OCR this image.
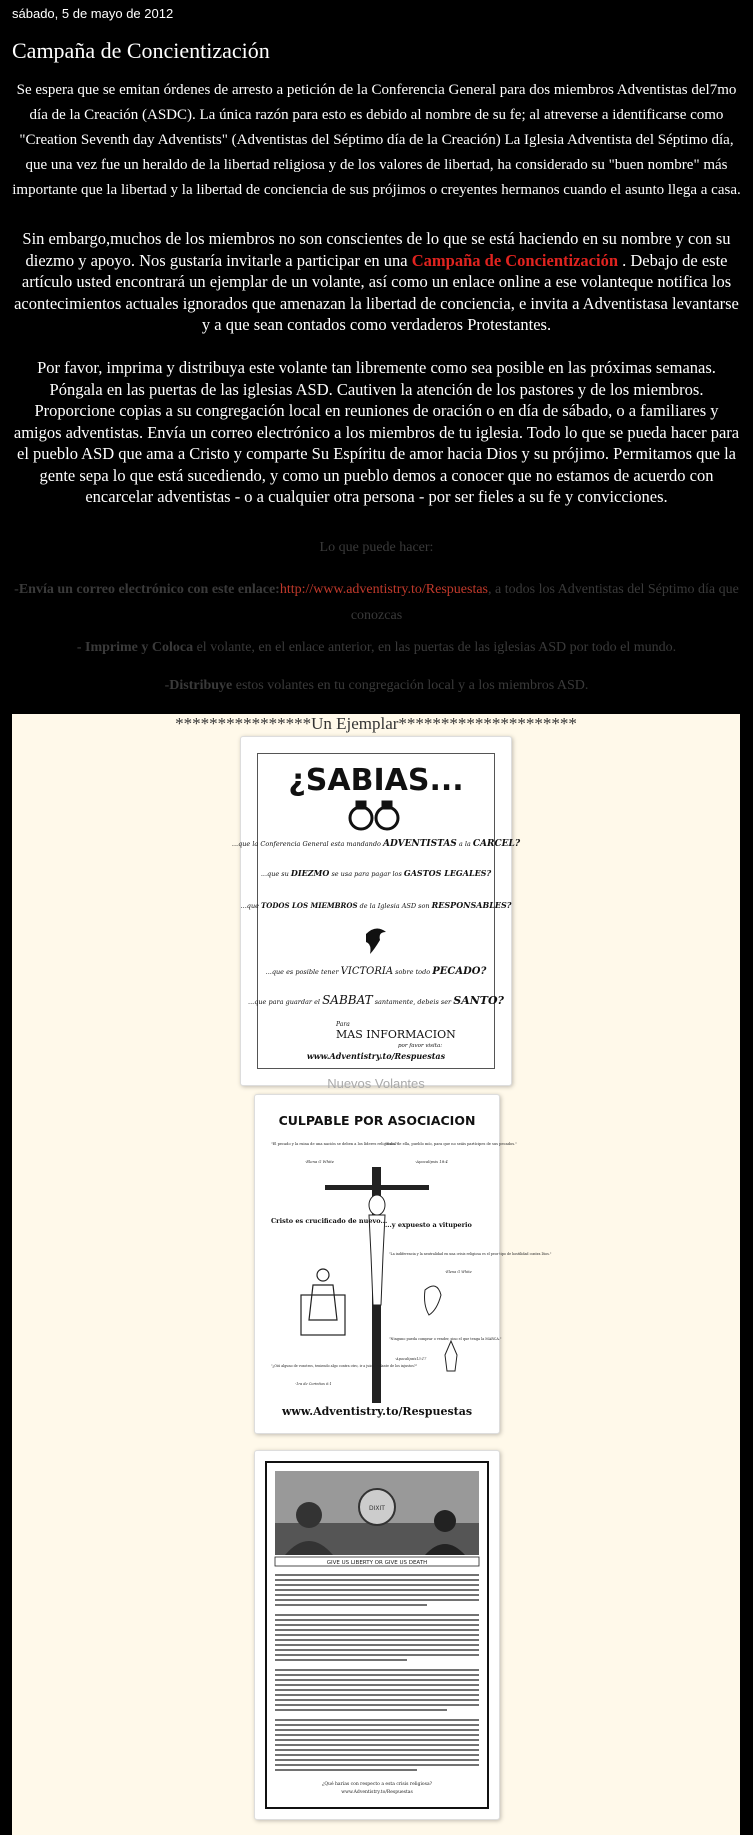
sábado, 5 de mayo de 2012
Campaña de Concientización
Se espera que se emitan órdenes de arresto a petición de la Conferencia General para dos miembros Adventistas del7mo día de la Creación (ASDC). La única razón para esto es debido al nombre de su fe; al atreverse a identificarse como "Creation Seventh day Adventists" (Adventistas del Séptimo día de la Creación) La Iglesia Adventista del Séptimo día, que una vez fue un heraldo de la libertad religiosa y de los valores de libertad, ha considerado su "buen nombre" más importante que la libertad y la libertad de conciencia de sus prójimos o creyentes hermanos cuando el asunto llega a casa.
Sin embargo,muchos de los miembros no son conscientes de lo que se está haciendo en su nombre y con su diezmo y apoyo. Nos gustaría invitarle a participar en una Campaña de Concientización . Debajo de este artículo usted encontrará un ejemplar de un volante, así como un enlace online a ese volanteque notifica los acontecimientos actuales ignorados que amenazan la libertad de conciencia, e invita a Adventistasa levantarse y a que sean contados como verdaderos Protestantes.
Por favor, imprima y distribuya este volante tan libremente como sea posible en las próximas semanas. Póngala en las puertas de las iglesias ASD. Cautiven la atención de los pastores y de los miembros. Proporcione copias a su congregación local en reuniones de oración o en día de sábado, o a familiares y amigos adventistas. Envía un correo electrónico a los miembros de tu iglesia. Todo lo que se pueda hacer para el pueblo ASD que ama a Cristo y comparte Su Espíritu de amor hacia Dios y su prójimo. Permitamos que la gente sepa lo que está sucediendo, y como un pueblo demos a conocer que no estamos de acuerdo con encarcelar adventistas - o a cualquier otra persona - por ser fieles a su fe y convicciones.
Lo que puede hacer:
-Envía un correo electrónico con este enlace:http://www.adventistry.to/Respuestas, a todos los Adventistas del Séptimo día que conozcas
- Imprime y Coloca el volante, en el enlace anterior, en las puertas de las iglesias ASD por todo el mundo.
-Distribuye estos volantes en tu congregación local y a los miembros ASD.
****************Un Ejemplar*********************
¿SABIAS...
...que la Conferencia General esta mandando ADVENTISTAS a la CARCEL?
...que su DIEZMO se usa para pagar los GASTOS LEGALES?
...que TODOS LOS MIEMBROS de la Iglesia ASD son RESPONSABLES?
...que es posible tener VICTORIA sobre todo PECADO?
...que para guardar el SABBAT santamente, debeis ser SANTO?
Para
MAS INFORMACION
por favor visita:
www.Adventistry.to/Respuestas
Nuevos Volantes
CULPABLE POR ASOCIACION
"El pecado y la ruina de una nación se deben a los líderes religiosos."
-Elena G White
"Salid de ella, pueblo mío, para que no seáis partícipes de sus pecados."
-Apocalipsis 18:4
Cristo es crucificado de nuevo...
...y expuesto a vituperio
"La indiferencia y la neutralidad en una crisis religiosa es el peor tipo de hostilidad contra Dios."
-Elena G White
"Ninguno pueda comprar o vender, sino el que tenga la MARCA."
-Apocalipsis13:17
"¿Oiú alguno de vosotros, teniendo algo contra otro, ir a juicio delante de los injustos?"
-1ra de Corintios 6:1
www.Adventistry.to/Respuestas
DIXIT
GIVE US LIBERTY OR GIVE US DEATH
¿Qué harías con respecto a esta crisis religiosa?
www.Adventistry.to/Respuestas
